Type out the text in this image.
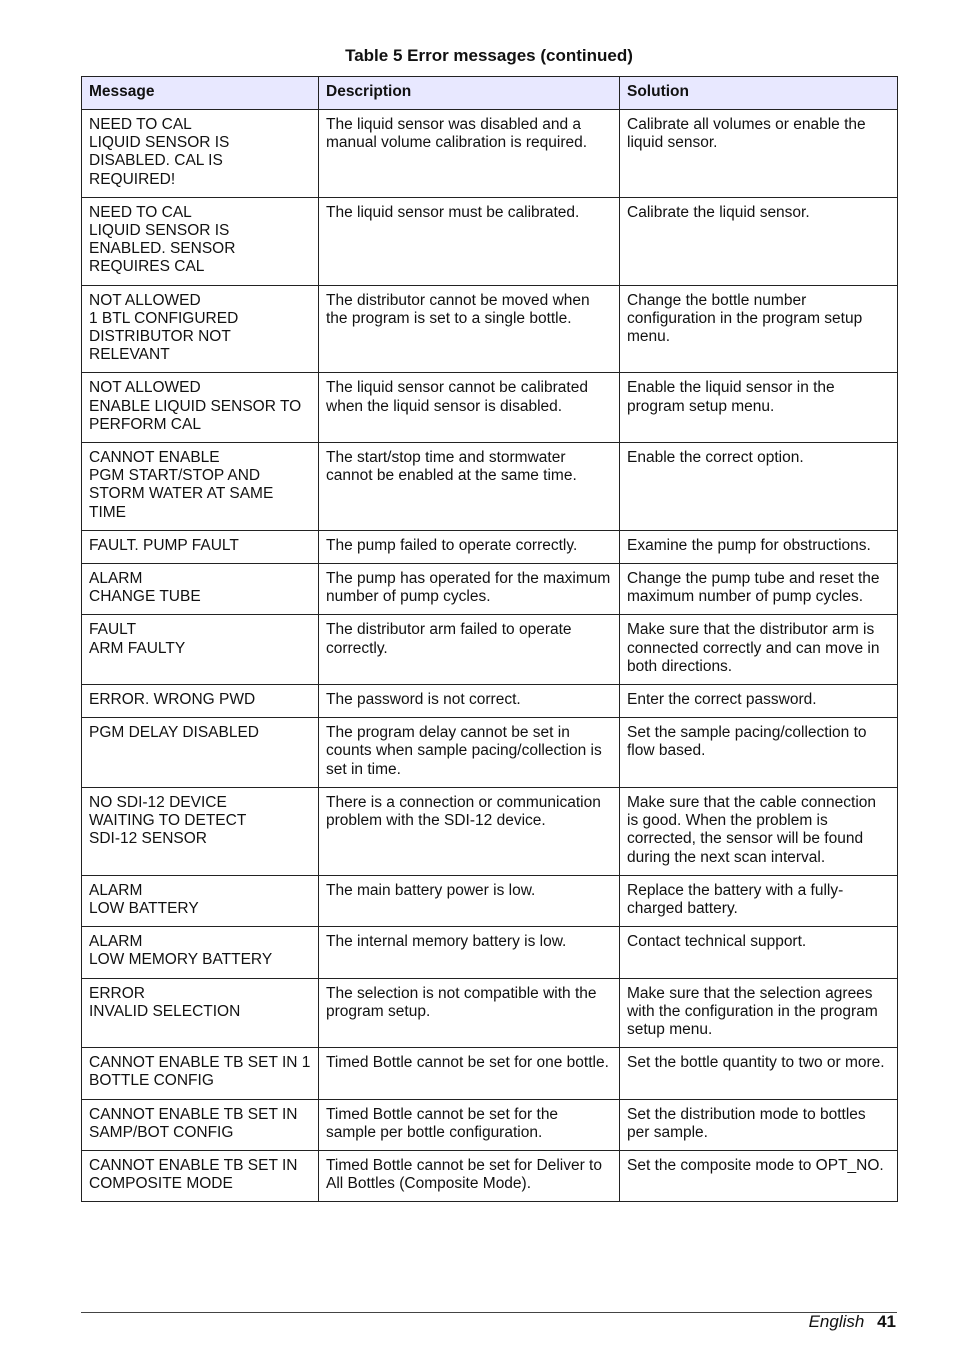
Table 5 Error messages (continued)
Message	Description	Solution
NEED TO CAL
LIQUID SENSOR IS
DISABLED. CAL IS
REQUIRED!	The liquid sensor was disabled and a manual volume calibration is required.	Calibrate all volumes or enable the liquid sensor.
NEED TO CAL
LIQUID SENSOR IS
ENABLED. SENSOR
REQUIRES CAL	The liquid sensor must be calibrated.	Calibrate the liquid sensor.
NOT ALLOWED
1 BTL CONFIGURED
DISTRIBUTOR NOT
RELEVANT	The distributor cannot be moved when the program is set to a single bottle.	Change the bottle number configuration in the program setup menu.
NOT ALLOWED
ENABLE LIQUID SENSOR TO
PERFORM CAL	The liquid sensor cannot be calibrated when the liquid sensor is disabled.	Enable the liquid sensor in the program setup menu.
CANNOT ENABLE
PGM START/STOP AND
STORM WATER AT SAME
TIME	The start/stop time and stormwater cannot be enabled at the same time.	Enable the correct option.
FAULT. PUMP FAULT	The pump failed to operate correctly.	Examine the pump for obstructions.
ALARM
CHANGE TUBE	The pump has operated for the maximum number of pump cycles.	Change the pump tube and reset the maximum number of pump cycles.
FAULT
ARM FAULTY	The distributor arm failed to operate correctly.	Make sure that the distributor arm is connected correctly and can move in both directions.
ERROR. WRONG PWD	The password is not correct.	Enter the correct password.
PGM DELAY DISABLED	The program delay cannot be set in counts when sample pacing/collection is set in time.	Set the sample pacing/collection to flow based.
NO SDI-12 DEVICE
WAITING TO DETECT
SDI-12 SENSOR	There is a connection or communication problem with the SDI-12 device.	Make sure that the cable connection is good. When the problem is corrected, the sensor will be found during the next scan interval.
ALARM
LOW BATTERY	The main battery power is low.	Replace the battery with a fully-charged battery.
ALARM
LOW MEMORY BATTERY	The internal memory battery is low.	Contact technical support.
ERROR
INVALID SELECTION	The selection is not compatible with the program setup.	Make sure that the selection agrees with the configuration in the program setup menu.
CANNOT ENABLE TB SET IN 1 BOTTLE CONFIG	Timed Bottle cannot be set for one bottle.	Set the bottle quantity to two or more.
CANNOT ENABLE TB SET IN SAMP/BOT CONFIG	Timed Bottle cannot be set for the sample per bottle configuration.	Set the distribution mode to bottles per sample.
CANNOT ENABLE TB SET IN COMPOSITE MODE	Timed Bottle cannot be set for Deliver to All Bottles (Composite Mode).	Set the composite mode to OPT_NO.
English 41
